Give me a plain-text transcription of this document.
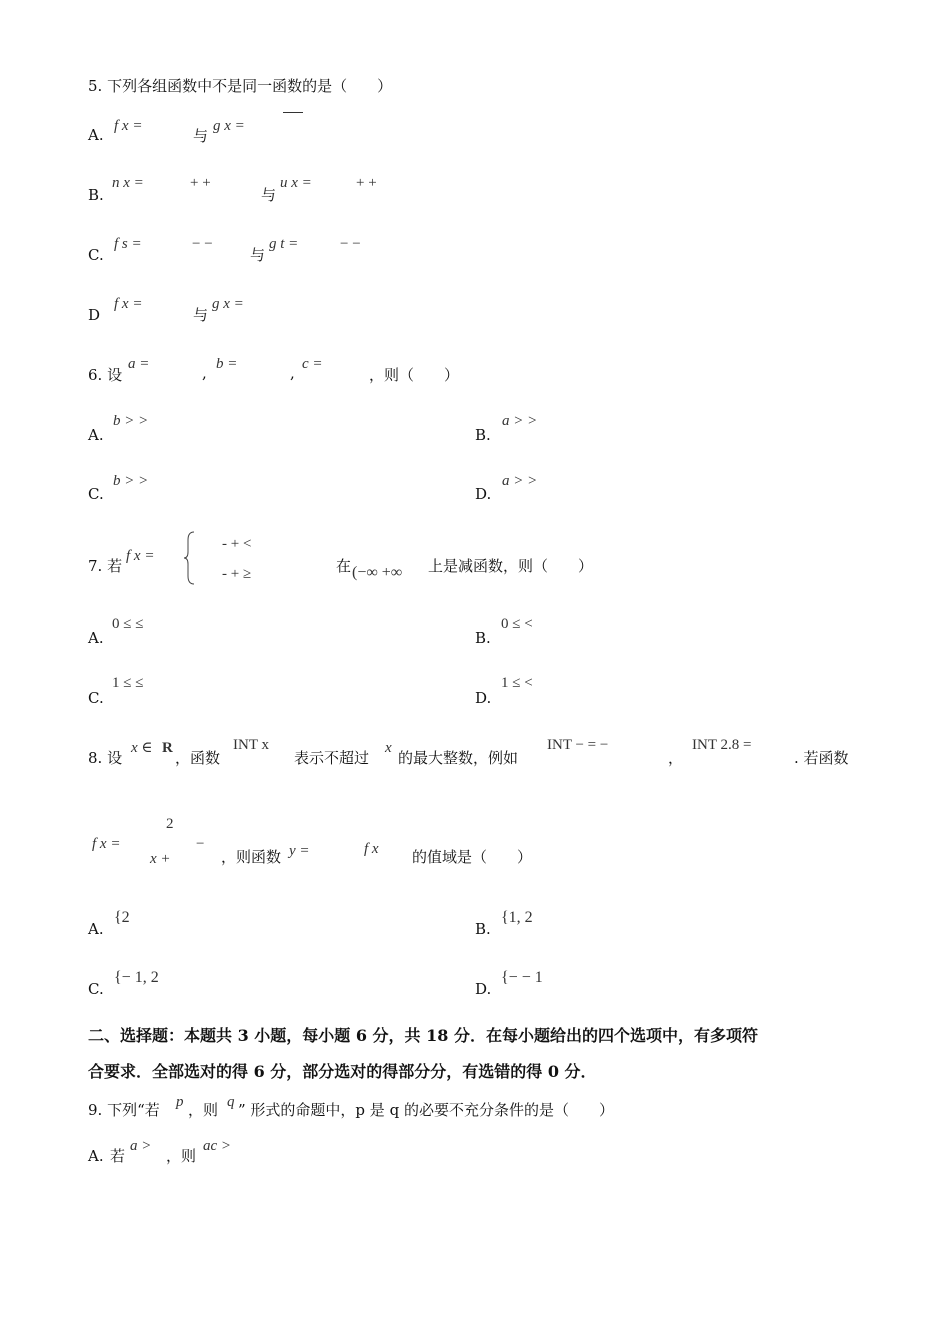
5. 下列各组函数中不是同一函数的是（　　）
A. f x =
与
g x =
B.
n x =	+ +
与
u x =	+ +
C.
f s =	− −
与
g t =	− −
D
f x =
与
g x =
6. 设
a =	, b =	, c =
，则（　　）
A.
b > >
B.
a > >
C.
b > >
D.
a > >
7. 若
f x =
- + <
- + ≥	在 (−∞ +∞ 上是减函数，则（　　）
A.
0 ≤ ≤
B.
0 ≤ <
C.
1 ≤ ≤
D.
1 ≤ <
8. 设
x ∈ R
，函数
INT x
表示不超过
x
的最大整数，例如
INT − = −
，
INT 2.8 =
. 若函数
f x =
2
x +
−
，则函数 y =	f x 的值域是（　　）
A.
{2
B.
{1, 2
C.
{− 1, 2
D.
{− − 1
二、选择题：本题共 3 小题，每小题 6 分，共 18 分．在每小题给出的四个选项中，有多项符
合要求．全部选对的得 6 分，部分选对的得部分分，有选错的得 0 分．
9. 下列“若 p ，则 q ” 形式的命题中，p 是 q 的必要不充分条件的是（　　）
A. 若
a >
，则
ac >
